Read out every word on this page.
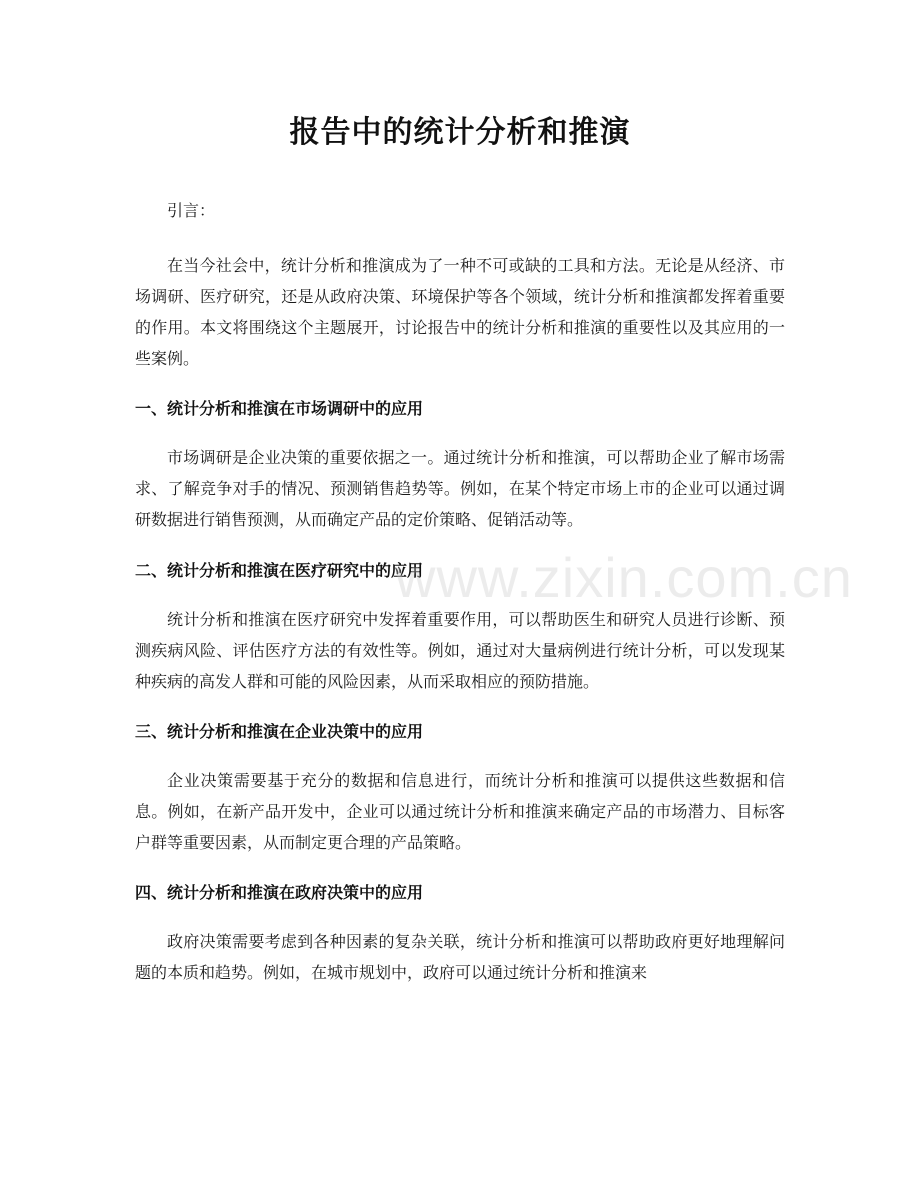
报告中的统计分析和推演
引言：

在当今社会中，统计分析和推演成为了一种不可或缺的工具和方法。无论是从经济、市场调研、医疗研究，还是从政府决策、环境保护等各个领域，统计分析和推演都发挥着重要的作用。本文将围绕这个主题展开，讨论报告中的统计分析和推演的重要性以及其应用的一些案例。

一、统计分析和推演在市场调研中的应用

市场调研是企业决策的重要依据之一。通过统计分析和推演，可以帮助企业了解市场需求、了解竞争对手的情况、预测销售趋势等。例如，在某个特定市场上市的企业可以通过调研数据进行销售预测，从而确定产品的定价策略、促销活动等。

二、统计分析和推演在医疗研究中的应用

统计分析和推演在医疗研究中发挥着重要作用，可以帮助医生和研究人员进行诊断、预测疾病风险、评估医疗方法的有效性等。例如，通过对大量病例进行统计分析，可以发现某种疾病的高发人群和可能的风险因素，从而采取相应的预防措施。

三、统计分析和推演在企业决策中的应用

企业决策需要基于充分的数据和信息进行，而统计分析和推演可以提供这些数据和信息。例如，在新产品开发中，企业可以通过统计分析和推演来确定产品的市场潜力、目标客户群等重要因素，从而制定更合理的产品策略。

四、统计分析和推演在政府决策中的应用

政府决策需要考虑到各种因素的复杂关联，统计分析和推演可以帮助政府更好地理解问题的本质和趋势。例如，在城市规划中，政府可以通过统计分析和推演来

www.zixin.com.cn
